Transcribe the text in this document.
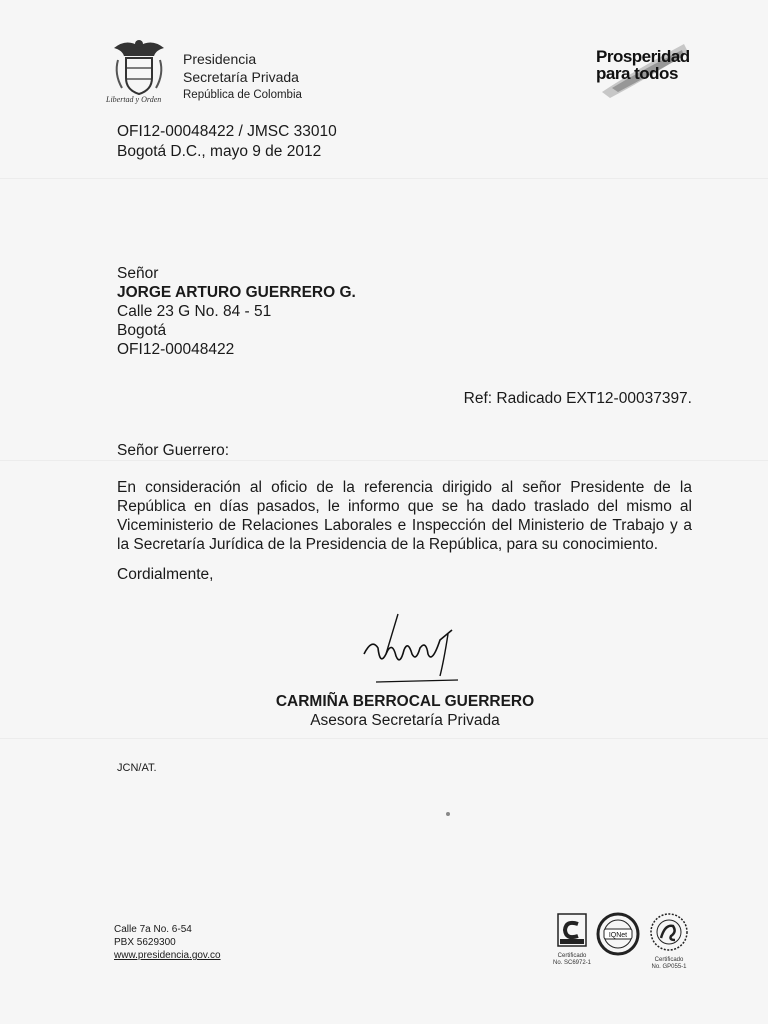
Libertad y Orden
Presidencia
Secretaría Privada
República de Colombia
Prosperidad
para todos
OFI12-00048422 / JMSC 33010
Bogotá D.C., mayo 9 de 2012
Señor
JORGE ARTURO GUERRERO G.
Calle 23 G No. 84 - 51
Bogotá
OFI12-00048422
Ref: Radicado EXT12-00037397.
Señor Guerrero:
En consideración al oficio de la referencia dirigido al señor Presidente de la República en días pasados, le informo que se ha dado traslado del mismo al Viceministerio de Relaciones Laborales e Inspección del Ministerio de Trabajo y a la Secretaría Jurídica de la Presidencia de la República, para su conocimiento.
Cordialmente,
CARMIÑA BERROCAL GUERRERO
Asesora Secretaría Privada
JCN/AT.
Calle 7a No. 6-54
PBX 5629300
www.presidencia.gov.co	Certificado
No. SC6972-1
IQNet
Certificado
No. GP055-1
